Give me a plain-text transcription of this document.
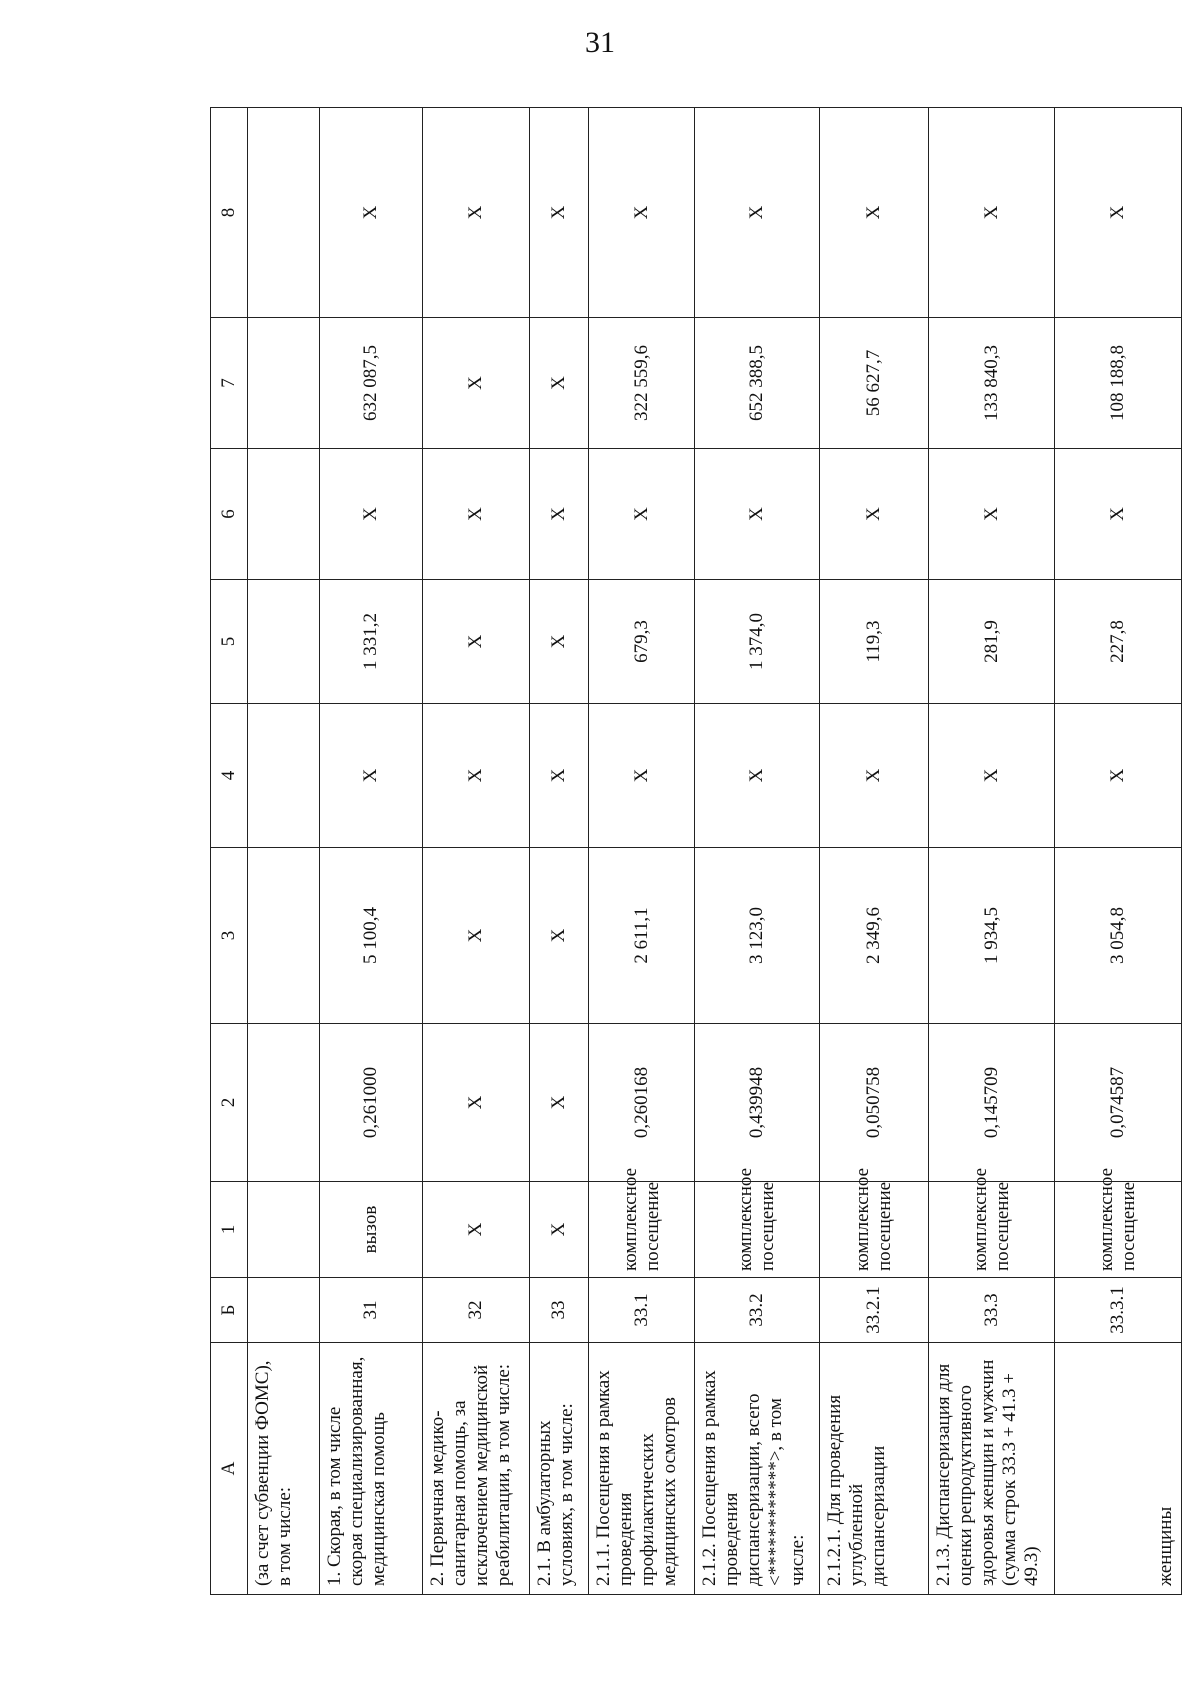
31
А	Б	1	2	3	4	5	6	7	8
(за счет субвенции ФОМС), в том числе:									
1. Скорая, в том числе скорая специализированная, медицинская помощь	31	вызов	0,261000	5 100,4	X	1 331,2	X	632 087,5	X
2. Первичная медико-санитарная помощь, за исключением медицинской реабилитации, в том числе:	32	X	X	X	X	X	X	X	X
2.1. В амбулаторных условиях, в том числе:	33	X	X	X	X	X	X	X	X
2.1.1. Посещения в рамках проведения профилактических медицинских осмотров	33.1	комплексное посещение	0,260168	2 611,1	X	679,3	X	322 559,6	X
2.1.2. Посещения в рамках проведения диспансеризации, всего <************>, в том числе:	33.2	комплексное посещение	0,439948	3 123,0	X	1 374,0	X	652 388,5	X
2.1.2.1. Для проведения углубленной диспансеризации	33.2.1	комплексное посещение	0,050758	2 349,6	X	119,3	X	56 627,7	X
2.1.3. Диспансеризация для оценки репродуктивного здоровья женщин и мужчин (сумма строк 33.3 + 41.3 + 49.3)	33.3	комплексное посещение	0,145709	1 934,5	X	281,9	X	133 840,3	X
женщины	33.3.1	комплексное посещение	0,074587	3 054,8	X	227,8	X	108 188,8	X
